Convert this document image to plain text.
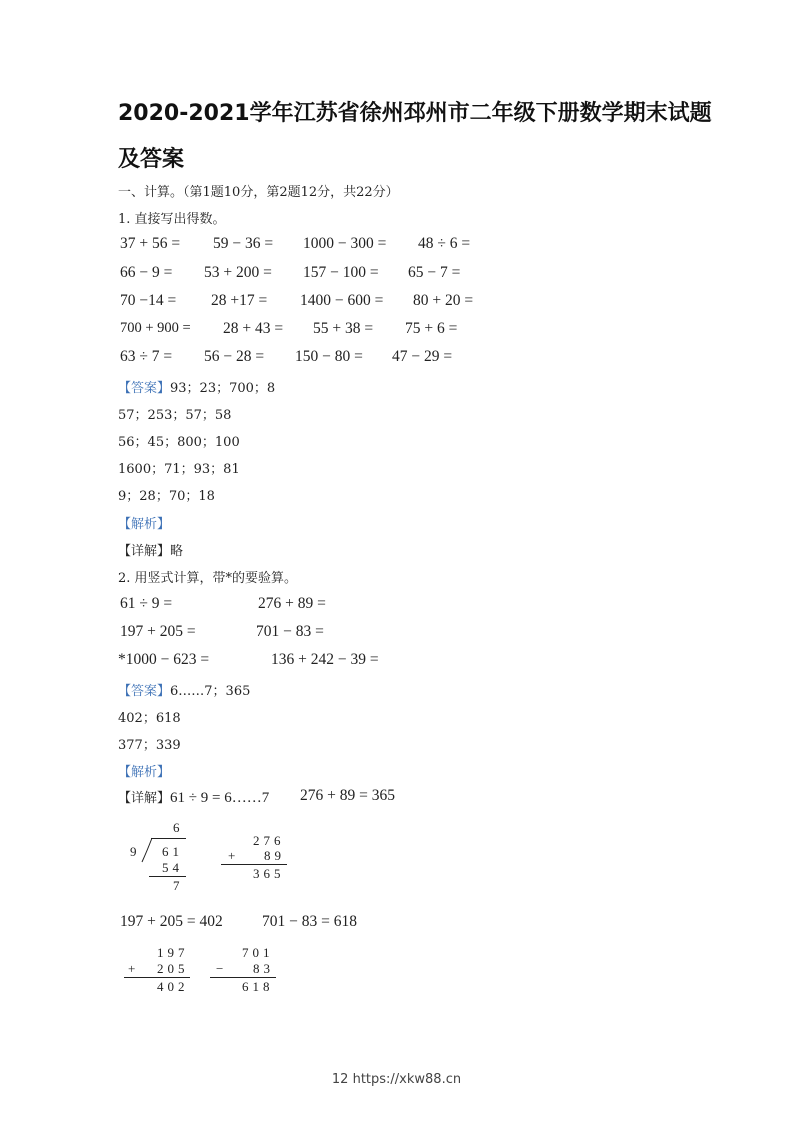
2020-2021学年江苏省徐州邳州市二年级下册数学期末试题
及答案
一、计算。（第1题10分，第2题12分，共22分）
1. 直接写出得数。
37 + 56 = 59 − 36 = 1000 − 300 = 48 ÷ 6 =
66 − 9 = 53 + 200 = 157 − 100 = 65 − 7 =
70 −14 = 28 +17 = 1400 − 600 = 80 + 20 =
700 + 900 = 28 + 43 = 55 + 38 = 75 + 6 =
63 ÷ 7 = 56 − 28 = 150 − 80 = 47 − 29 =
【答案】93；23；700；8
57；253；57；58
56；45；800；100
1600；71；93；81
9；28；70；18
【解析】
【详解】略
2. 用竖式计算，带*的要验算。
61 ÷ 9 =	276 + 89 =
197 + 205 =	701 − 83 =
*1000 − 623 =	136 + 242 − 39 =
【答案】6……7；365
402；618
377；339
【解析】
【详解】61 ÷ 9 = 6……7 276 + 89 = 365
6
9 61
54
7
276
+ 89
365
197 + 205 = 402	701 − 83 = 618
197
+ 205
402
701
− 83
618
12 https://xkw88.cn
